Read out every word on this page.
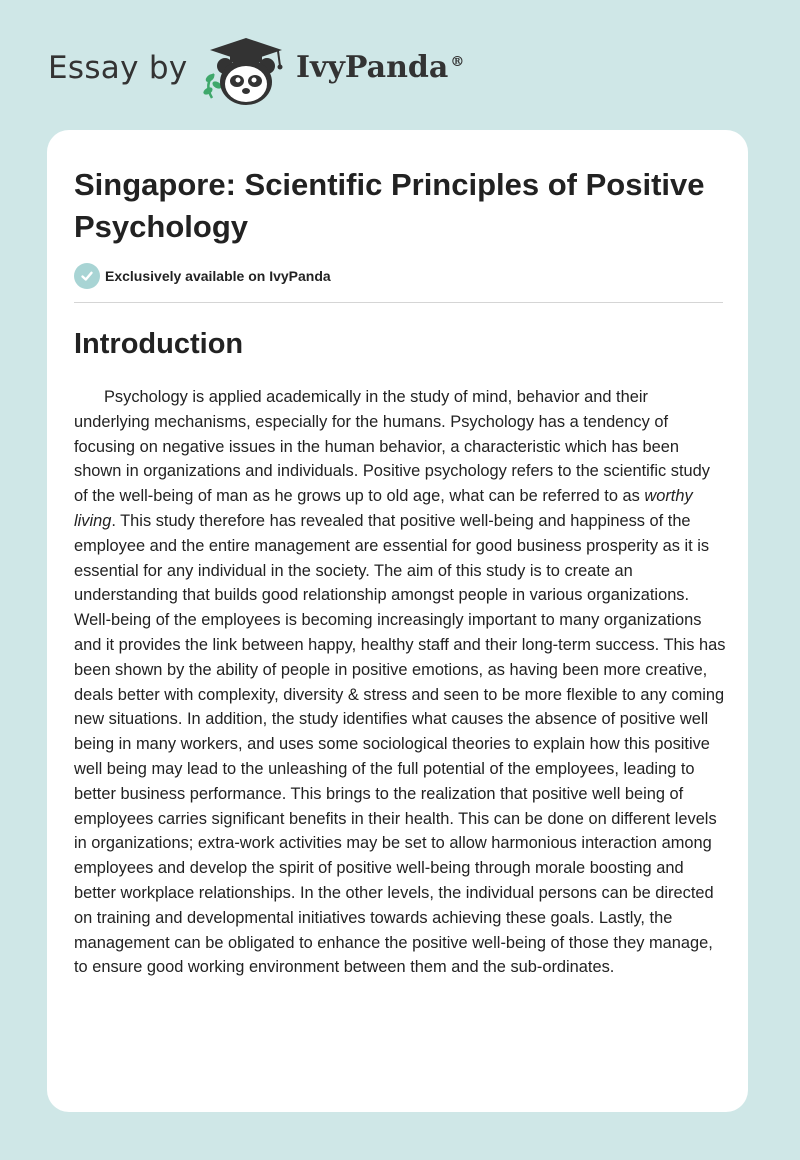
Essay by	IvyPanda ®
Singapore: Scientific Principles of Positive Psychology
Exclusively available on IvyPanda
Introduction

Psychology is applied academically in the study of mind, behavior and their underlying mechanisms, especially for the humans. Psychology has a tendency of focusing on negative issues in the human behavior, a characteristic which has been shown in organizations and individuals. Positive psychology refers to the scientific study of the well-being of man as he grows up to old age, what can be referred to as worthy living. This study therefore has revealed that positive well-being and happiness of the employee and the entire management are essential for good business prosperity as it is essential for any individual in the society. The aim of this study is to create an understanding that builds good relationship amongst people in various organizations. Well-being of the employees is becoming increasingly important to many organizations and it provides the link between happy, healthy staff and their long-term success. This has been shown by the ability of people in positive emotions, as having been more creative, deals better with complexity, diversity & stress and seen to be more flexible to any coming new situations. In addition, the study identifies what causes the absence of positive well being in many workers, and uses some sociological theories to explain how this positive well being may lead to the unleashing of the full potential of the employees, leading to better business performance. This brings to the realization that positive well being of employees carries significant benefits in their health. This can be done on different levels in organizations; extra-work activities may be set to allow harmonious interaction among employees and develop the spirit of positive well-being through morale boosting and better workplace relationships. In the other levels, the individual persons can be directed on training and developmental initiatives towards achieving these goals. Lastly, the management can be obligated to enhance the positive well-being of those they manage, to ensure good working environment between them and the sub-ordinates.
